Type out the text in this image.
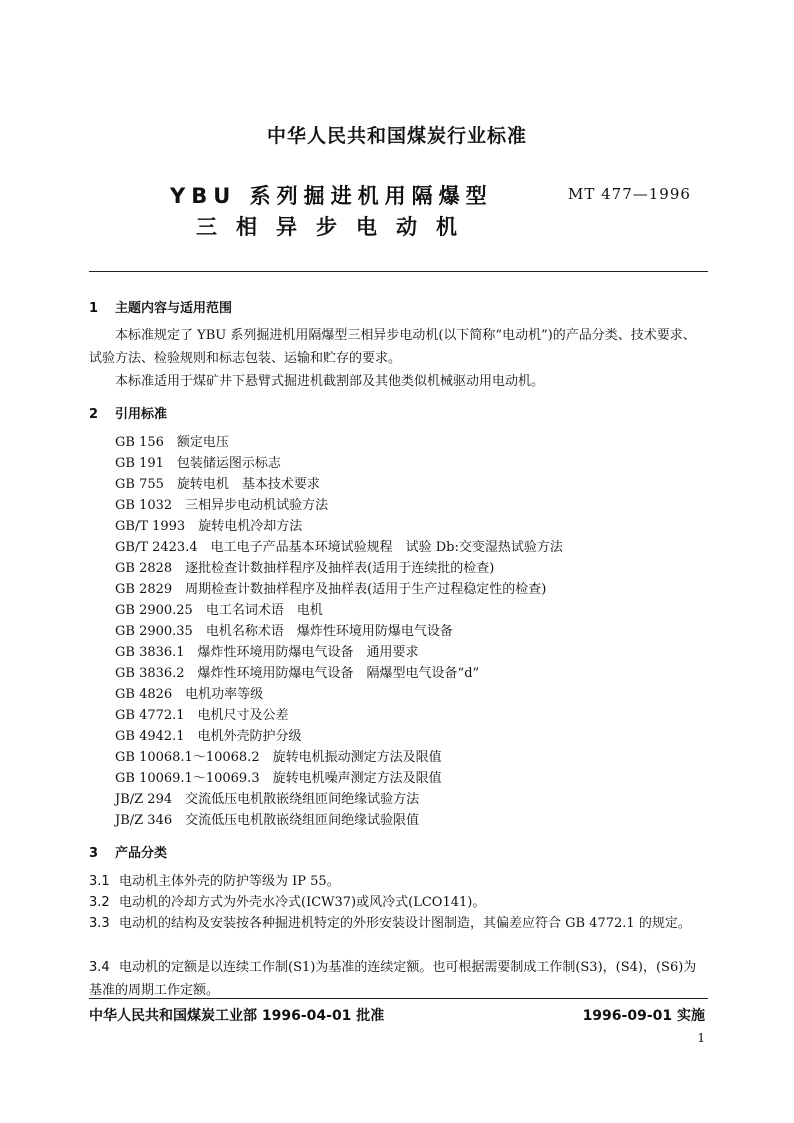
中华人民共和国煤炭行业标准
YBU 系列掘进机用隔爆型
三相异步电动机
MT 477—1996
1 主题内容与适用范围
本标准规定了 YBU 系列掘进机用隔爆型三相异步电动机(以下简称“电动机”)的产品分类、技术要求、试验方法、检验规则和标志包装、运输和贮存的要求。
本标准适用于煤矿井下悬臂式掘进机截割部及其他类似机械驱动用电动机。
2 引用标准
GB 156　额定电压
GB 191　包装储运图示标志
GB 755　旋转电机　基本技术要求
GB 1032　三相异步电动机试验方法
GB/T 1993　旋转电机冷却方法
GB/T 2423.4　电工电子产品基本环境试验规程　试验 Db:交变湿热试验方法
GB 2828　逐批检查计数抽样程序及抽样表(适用于连续批的检查)
GB 2829　周期检查计数抽样程序及抽样表(适用于生产过程稳定性的检查)
GB 2900.25　电工名词术语　电机
GB 2900.35　电机名称术语　爆炸性环境用防爆电气设备
GB 3836.1　爆炸性环境用防爆电气设备　通用要求
GB 3836.2　爆炸性环境用防爆电气设备　隔爆型电气设备“d”
GB 4826　电机功率等级
GB 4772.1　电机尺寸及公差
GB 4942.1　电机外壳防护分级
GB 10068.1～10068.2　旋转电机振动测定方法及限值
GB 10069.1～10069.3　旋转电机噪声测定方法及限值
JB/Z 294　交流低压电机散嵌绕组匝间绝缘试验方法
JB/Z 346　交流低压电机散嵌绕组匝间绝缘试验限值
3 产品分类
3.1 电动机主体外壳的防护等级为 IP 55。
3.2 电动机的冷却方式为外壳水冷式(ICW37)或风冷式(LCO141)。
3.3 电动机的结构及安装按各种掘进机特定的外形安装设计图制造，其偏差应符合 GB 4772.1 的规定。
3.4 电动机的定额是以连续工作制(S1)为基准的连续定额。也可根据需要制成工作制(S3)，(S4)，(S6)为基准的周期工作定额。
中华人民共和国煤炭工业部 1996-04-01 批准	1996-09-01 实施
1
